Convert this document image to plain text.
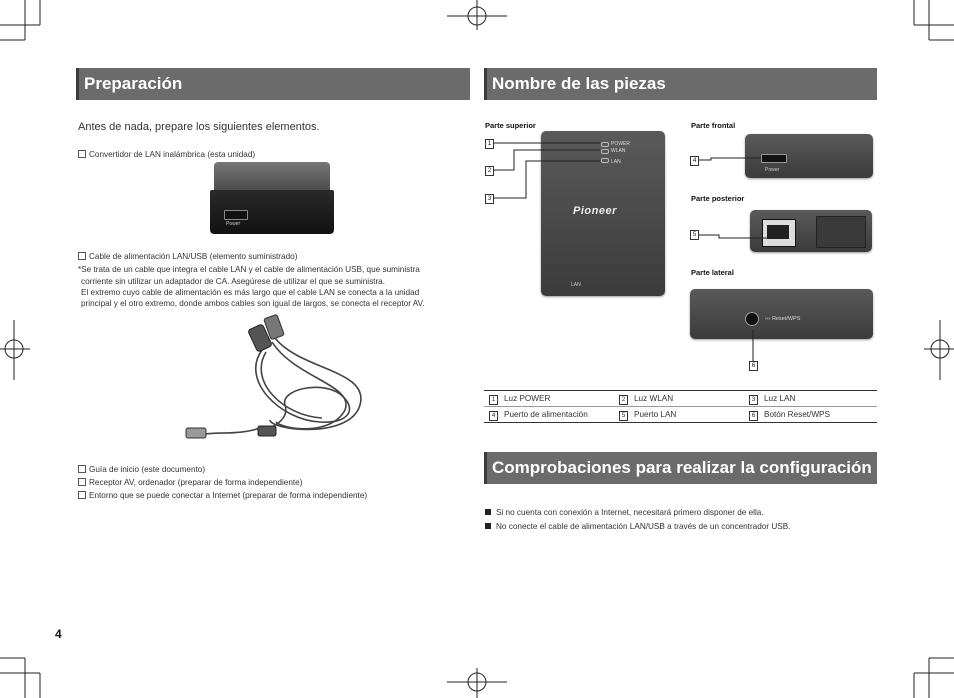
Preparación
Antes de nada, prepare los siguientes elementos.
Convertidor de LAN inalámbrica (esta unidad)
Power
Cable de alimentación LAN/USB (elemento suministrado)
*Se trata de un cable que integra el cable LAN y el cable de alimentación USB, que suministra
corriente sin utilizar un adaptador de CA. Asegúrese de utilizar el que se suministra.
El extremo cuyo cable de alimentación es más largo que el cable LAN se conecta a la unidad
principal y el otro extremo, donde ambos cables son igual de largos, se conecta el receptor AV.
Guía de inicio (este documento)
Receptor AV, ordenador (preparar de forma independiente)
Entorno que se puede conectar a Internet (preparar de forma independiente)
4
Nombre de las piezas
Parte superior	Parte frontal
Parte posterior
Parte lateral
POWER
WLAN
LAN
Pioneer
LAN
1
2
3
Power
4
5
‹‹‹ Reset/WPS
6
1	Luz POWER	2	Luz WLAN	3	Luz LAN
4	Puerto de alimentación	5	Puerto LAN	6	Botón Reset/WPS
Comprobaciones para realizar la configuración
Si no cuenta con conexión a Internet, necesitará primero disponer de ella.
No conecte el cable de alimentación LAN/USB a través de un concentrador USB.
